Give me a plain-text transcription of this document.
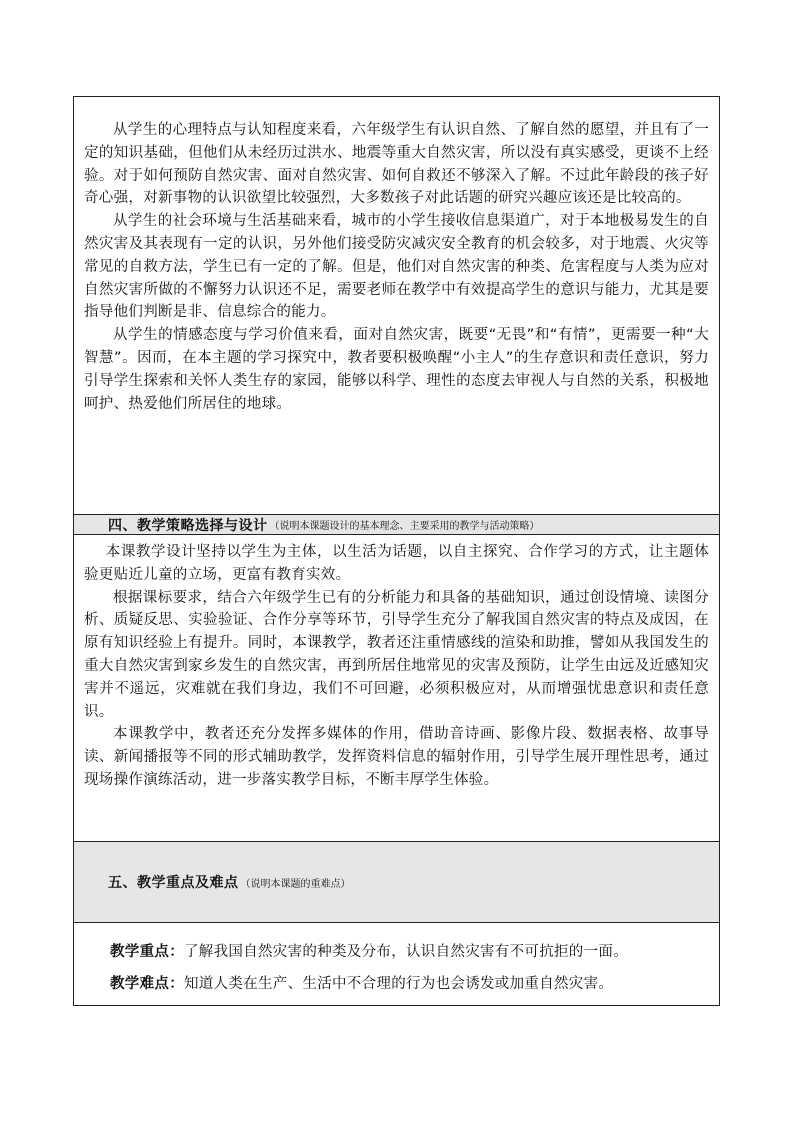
从学生的心理特点与认知程度来看，六年级学生有认识自然、了解自然的愿望，并且有了一定的知识基础，但他们从未经历过洪水、地震等重大自然灾害，所以没有真实感受，更谈不上经验。对于如何预防自然灾害、面对自然灾害、如何自救还不够深入了解。不过此年龄段的孩子好奇心强，对新事物的认识欲望比较强烈，大多数孩子对此话题的研究兴趣应该还是比较高的。

从学生的社会环境与生活基础来看，城市的小学生接收信息渠道广，对于本地极易发生的自然灾害及其表现有一定的认识，另外他们接受防灾减灾安全教育的机会较多，对于地震、火灾等常见的自救方法，学生已有一定的了解。但是，他们对自然灾害的种类、危害程度与人类为应对自然灾害所做的不懈努力认识还不足，需要老师在教学中有效提高学生的意识与能力，尤其是要指导他们判断是非、信息综合的能力。

从学生的情感态度与学习价值来看，面对自然灾害，既要“无畏”和“有情”，更需要一种“大智慧”。因而，在本主题的学习探究中，教者要积极唤醒“小主人”的生存意识和责任意识，努力引导学生探索和关怀人类生存的家园，能够以科学、理性的态度去审视人与自然的关系，积极地呵护、热爱他们所居住的地球。

四、教学策略选择与设计 （说明本课题设计的基本理念、主要采用的教学与活动策略）

本课教学设计坚持以学生为主体，以生活为话题，以自主探究、合作学习的方式，让主题体验更贴近儿童的立场，更富有教育实效。

根据课标要求，结合六年级学生已有的分析能力和具备的基础知识，通过创设情境、读图分析、质疑反思、实验验证、合作分享等环节，引导学生充分了解我国自然灾害的特点及成因，在原有知识经验上有提升。同时，本课教学，教者还注重情感线的渲染和助推，譬如从我国发生的重大自然灾害到家乡发生的自然灾害，再到所居住地常见的灾害及预防，让学生由远及近感知灾害并不遥远，灾难就在我们身边，我们不可回避，必须积极应对，从而增强忧患意识和责任意识。

本课教学中，教者还充分发挥多媒体的作用，借助音诗画、影像片段、数据表格、故事导读、新闻播报等不同的形式辅助教学，发挥资料信息的辐射作用，引导学生展开理性思考，通过现场操作演练活动，进一步落实教学目标，不断丰厚学生体验。

五、教学重点及难点 （说明本课题的重难点）

教学重点：了解我国自然灾害的种类及分布，认识自然灾害有不可抗拒的一面。

教学难点：知道人类在生产、生活中不合理的行为也会诱发或加重自然灾害。
